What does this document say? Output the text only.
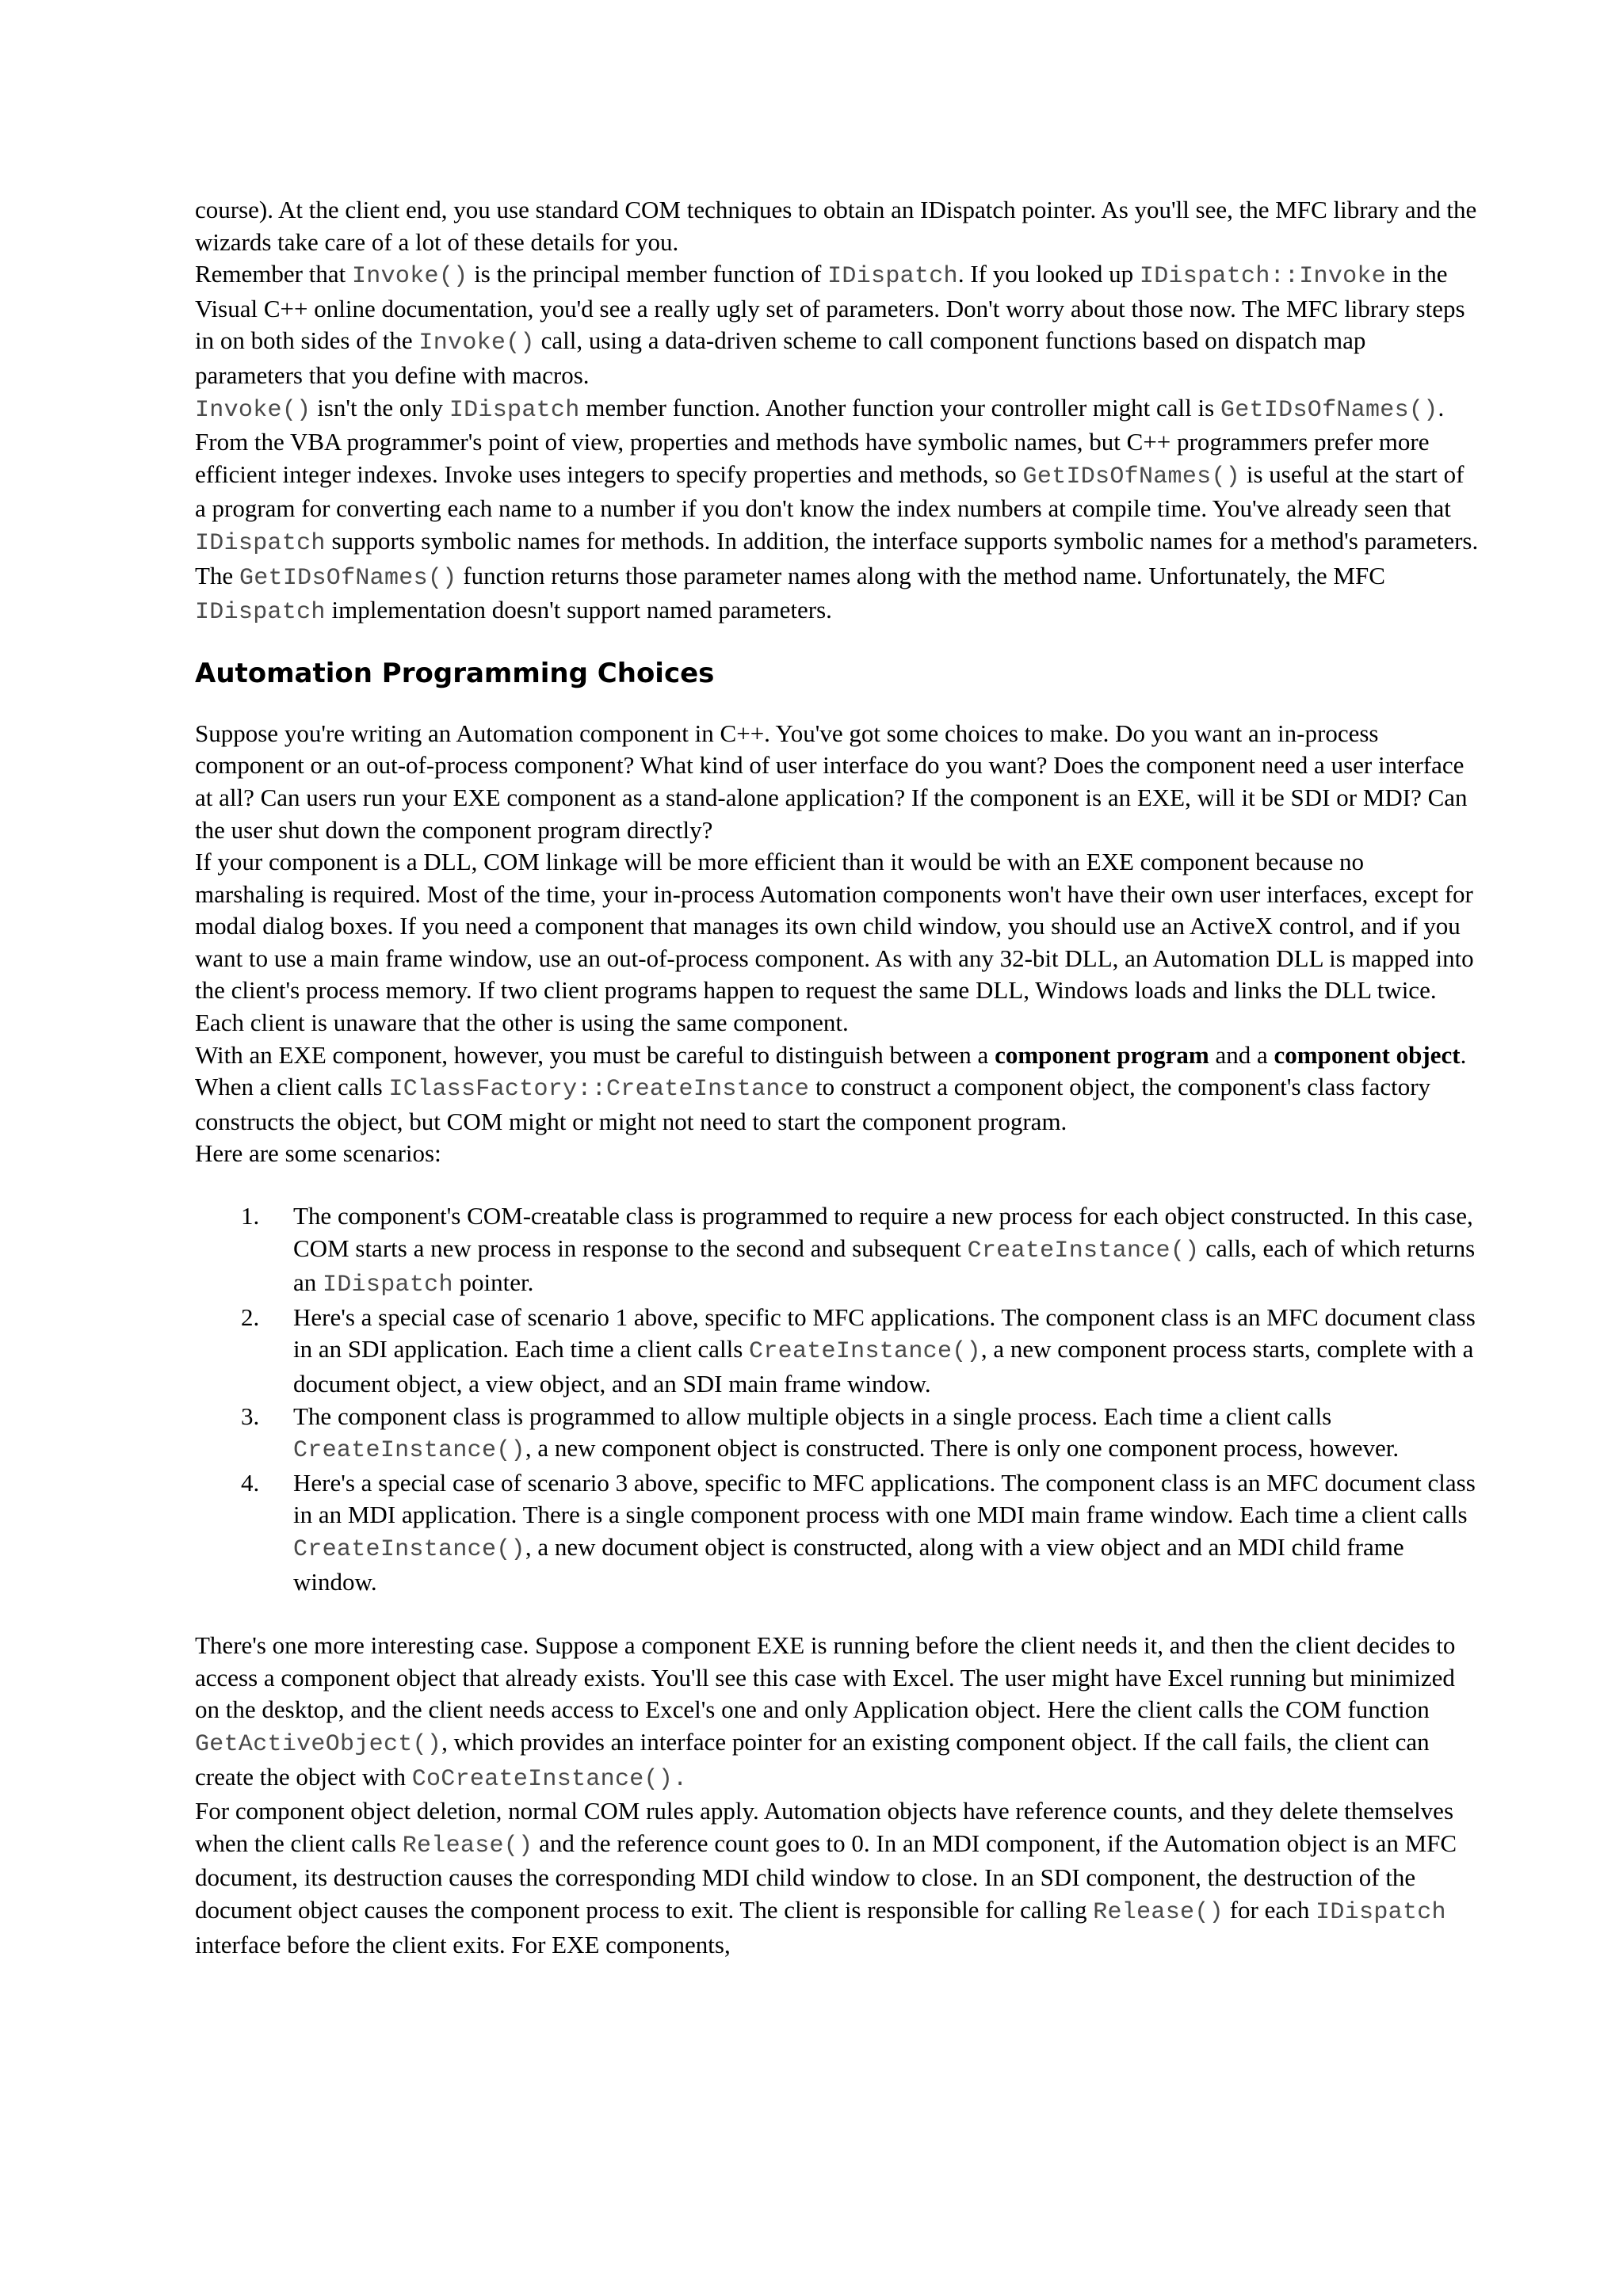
course). At the client end, you use standard COM techniques to obtain an IDispatch pointer. As you'll see, the MFC library and the wizards take care of a lot of these details for you.

Remember that Invoke() is the principal member function of IDispatch. If you looked up IDispatch::Invoke in the Visual C++ online documentation, you'd see a really ugly set of parameters. Don't worry about those now. The MFC library steps in on both sides of the Invoke() call, using a data-driven scheme to call component functions based on dispatch map parameters that you define with macros.

Invoke() isn't the only IDispatch member function. Another function your controller might call is GetIDsOfNames(). From the VBA programmer's point of view, properties and methods have symbolic names, but C++ programmers prefer more efficient integer indexes. Invoke uses integers to specify properties and methods, so GetIDsOfNames() is useful at the start of a program for converting each name to a number if you don't know the index numbers at compile time. You've already seen that IDispatch supports symbolic names for methods. In addition, the interface supports symbolic names for a method's parameters. The GetIDsOfNames() function returns those parameter names along with the method name. Unfortunately, the MFC IDispatch implementation doesn't support named parameters.

Automation Programming Choices

Suppose you're writing an Automation component in C++. You've got some choices to make. Do you want an in-process component or an out-of-process component? What kind of user interface do you want? Does the component need a user interface at all? Can users run your EXE component as a stand-alone application? If the component is an EXE, will it be SDI or MDI? Can the user shut down the component program directly?

If your component is a DLL, COM linkage will be more efficient than it would be with an EXE component because no marshaling is required. Most of the time, your in-process Automation components won't have their own user interfaces, except for modal dialog boxes. If you need a component that manages its own child window, you should use an ActiveX control, and if you want to use a main frame window, use an out-of-process component. As with any 32-bit DLL, an Automation DLL is mapped into the client's process memory. If two client programs happen to request the same DLL, Windows loads and links the DLL twice. Each client is unaware that the other is using the same component.

With an EXE component, however, you must be careful to distinguish between a component program and a component object. When a client calls IClassFactory::CreateInstance to construct a component object, the component's class factory constructs the object, but COM might or might not need to start the component program.

Here are some scenarios:

1. The component's COM-creatable class is programmed to require a new process for each object constructed. In this case, COM starts a new process in response to the second and subsequent CreateInstance() calls, each of which returns an IDispatch pointer.
2. Here's a special case of scenario 1 above, specific to MFC applications. The component class is an MFC document class in an SDI application. Each time a client calls CreateInstance(), a new component process starts, complete with a document object, a view object, and an SDI main frame window.
3. The component class is programmed to allow multiple objects in a single process. Each time a client calls CreateInstance(), a new component object is constructed. There is only one component process, however.
4. Here's a special case of scenario 3 above, specific to MFC applications. The component class is an MFC document class in an MDI application. There is a single component process with one MDI main frame window. Each time a client calls CreateInstance(), a new document object is constructed, along with a view object and an MDI child frame window.

There's one more interesting case. Suppose a component EXE is running before the client needs it, and then the client decides to access a component object that already exists. You'll see this case with Excel. The user might have Excel running but minimized on the desktop, and the client needs access to Excel's one and only Application object. Here the client calls the COM function GetActiveObject(), which provides an interface pointer for an existing component object. If the call fails, the client can create the object with CoCreateInstance().

For component object deletion, normal COM rules apply. Automation objects have reference counts, and they delete themselves when the client calls Release() and the reference count goes to 0. In an MDI component, if the Automation object is an MFC document, its destruction causes the corresponding MDI child window to close. In an SDI component, the destruction of the document object causes the component process to exit. The client is responsible for calling Release() for each IDispatch interface before the client exits. For EXE components,
